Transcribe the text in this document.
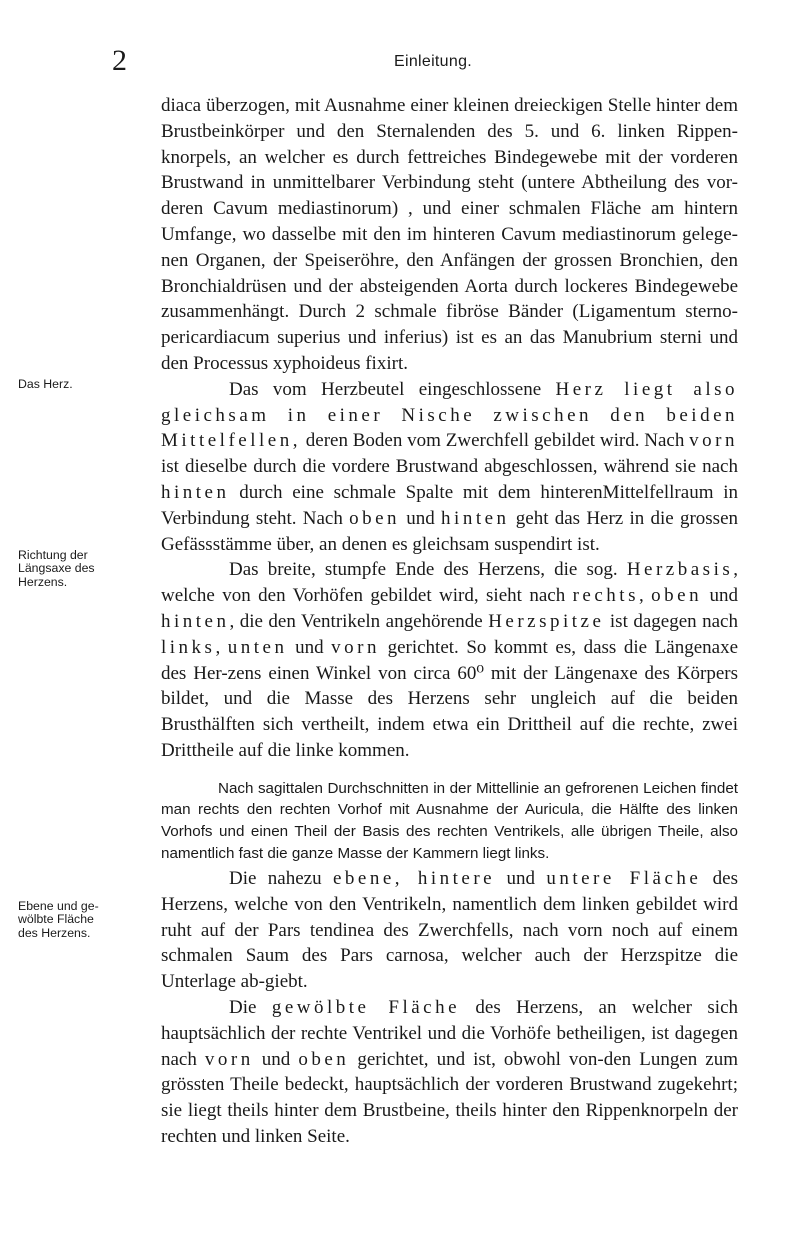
2	Einleitung.
Das Herz.
Richtung der
Längsaxe des
Herzens.
Ebene und ge-
wölbte Fläche
des Herzens.

diaca überzogen, mit Ausnahme einer kleinen dreieckigen Stelle hinter dem Brustbeinkörper und den Sternalenden des 5. und 6. linken Rippen-knorpels, an welcher es durch fettreiches Bindegewebe mit der vorderen Brustwand in unmittelbarer Verbindung steht (untere Abtheilung des vor-deren Cavum mediastinorum) , und einer schmalen Fläche am hintern Umfange, wo dasselbe mit den im hinteren Cavum mediastinorum gelege-nen Organen, der Speiseröhre, den Anfängen der grossen Bronchien, den Bronchialdrüsen und der absteigenden Aorta durch lockeres Bindegewebe zusammenhängt. Durch 2 schmale fibröse Bänder (Ligamentum sterno-pericardiacum superius und inferius) ist es an das Manubrium sterni und den Processus xyphoideus fixirt.

Das vom Herzbeutel eingeschlossene Herz liegt also gleichsam in einer Nische zwischen den beiden Mittelfellen, deren Boden vom Zwerchfell gebildet wird. Nach vorn ist dieselbe durch die vordere Brustwand abgeschlossen, während sie nach hinten durch eine schmale Spalte mit dem hinterenMittelfellraum in Verbindung steht. Nach oben und hinten geht das Herz in die grossen Gefässstämme über, an denen es gleichsam suspendirt ist.

Das breite, stumpfe Ende des Herzens, die sog. Herzbasis, welche von den Vorhöfen gebildet wird, sieht nach rechts, oben und hinten, die den Ventrikeln angehörende Herzspitze ist dagegen nach links, unten und vorn gerichtet. So kommt es, dass die Längenaxe des Her-zens einen Winkel von circa 60⁰ mit der Längenaxe des Körpers bildet, und die Masse des Herzens sehr ungleich auf die beiden Brusthälften sich vertheilt, indem etwa ein Drittheil auf die rechte, zwei Drittheile auf die linke kommen.

Nach sagittalen Durchschnitten in der Mittellinie an gefrorenen Leichen findet man rechts den rechten Vorhof mit Ausnahme der Auricula, die Hälfte des linken Vorhofs und einen Theil der Basis des rechten Ventrikels, alle übrigen Theile, also namentlich fast die ganze Masse der Kammern liegt links.

Die nahezu ebene, hintere und untere Fläche des Herzens, welche von den Ventrikeln, namentlich dem linken gebildet wird ruht auf der Pars tendinea des Zwerchfells, nach vorn noch auf einem schmalen Saum des Pars carnosa, welcher auch der Herzspitze die Unterlage ab-giebt.

Die gewölbte Fläche des Herzens, an welcher sich hauptsächlich der rechte Ventrikel und die Vorhöfe betheiligen, ist dagegen nach vorn und oben gerichtet, und ist, obwohl von-den Lungen zum grössten Theile bedeckt, hauptsächlich der vorderen Brustwand zugekehrt; sie liegt theils hinter dem Brustbeine, theils hinter den Rippenknorpeln der rechten und linken Seite.
